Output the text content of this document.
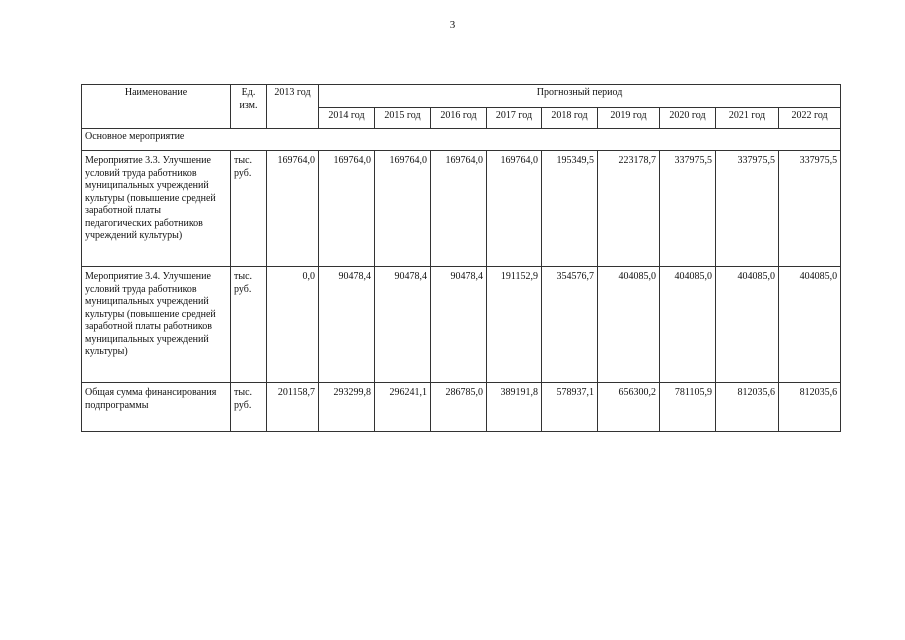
3
Наименование	Ед. изм.	2013 год	Прогнозный период								
			2014 год	2015 год	2016 год	2017 год	2018 год	2019 год	2020 год	2021 год	2022 год
Основное мероприятие											
Мероприятие 3.3. Улучшение условий труда работников муниципальных учреждений культуры (повышение средней заработной платы педагогических работников учреждений культуры)	тыс. руб.	169764,0	169764,0	169764,0	169764,0	169764,0	195349,5	223178,7	337975,5	337975,5	337975,5
Мероприятие 3.4. Улучшение условий труда работников муниципальных учреждений культуры (повышение средней заработной платы работников муниципальных учреждений культуры)	тыс. руб.	0,0	90478,4	90478,4	90478,4	191152,9	354576,7	404085,0	404085,0	404085,0	404085,0
Общая сумма финансирования подпрограммы	тыс. руб.	201158,7	293299,8	296241,1	286785,0	389191,8	578937,1	656300,2	781105,9	812035,6	812035,6
